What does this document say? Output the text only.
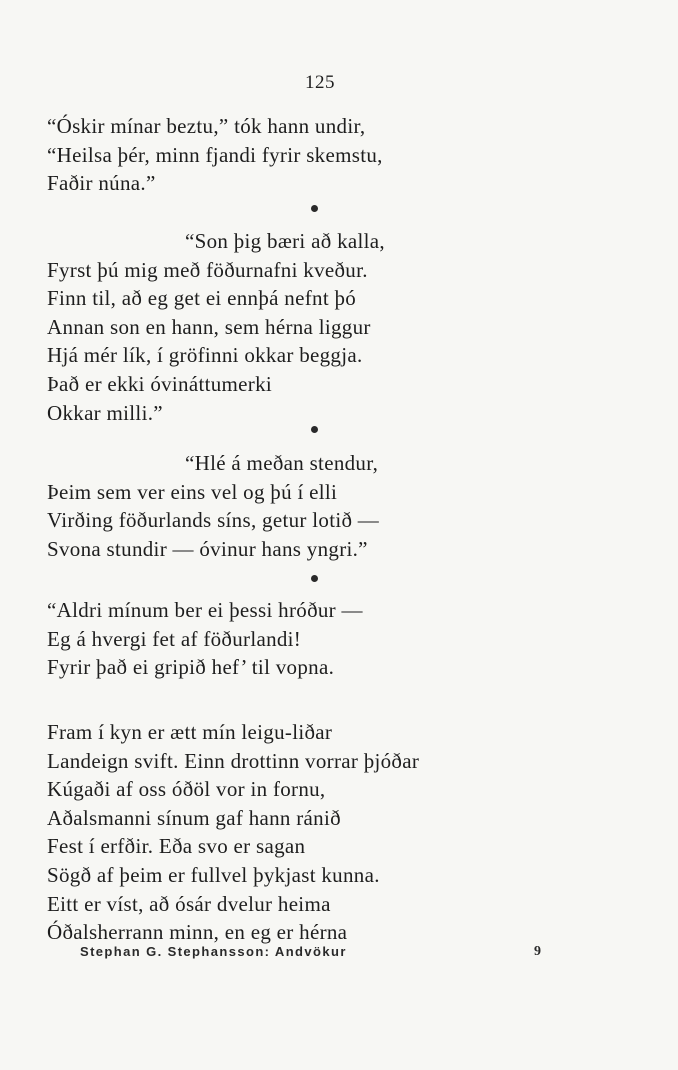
125
“Óskir mínar beztu,” tók hann undir,
“Heilsa þér, minn fjandi fyrir skemstu,
Faðir núna.”
“Son þig bæri að kalla,
Fyrst þú mig með föðurnafni kveður.
Finn til, að eg get ei ennþá nefnt þó
Annan son en hann, sem hérna liggur
Hjá mér lík, í gröfinni okkar beggja.
Það er ekki óvináttumerki
Okkar milli.”
“Hlé á meðan stendur,
Þeim sem ver eins vel og þú í elli
Virðing föðurlands síns, getur lotið —
Svona stundir — óvinur hans yngri.”
“Aldri mínum ber ei þessi hróður —
Eg á hvergi fet af föðurlandi!
Fyrir það ei gripið hef’ til vopna.
Fram í kyn er ætt mín leigu-liðar
Landeign svift. Einn drottinn vorrar þjóðar
Kúgaði af oss óðöl vor in fornu,
Aðalsmanni sínum gaf hann ránið
Fest í erfðir. Eða svo er sagan
Sögð af þeim er fullvel þykjast kunna.
Eitt er víst, að ósár dvelur heima
Óðalsherrann minn, en eg er hérna
Stephan G. Stephansson: Andvökur	9
